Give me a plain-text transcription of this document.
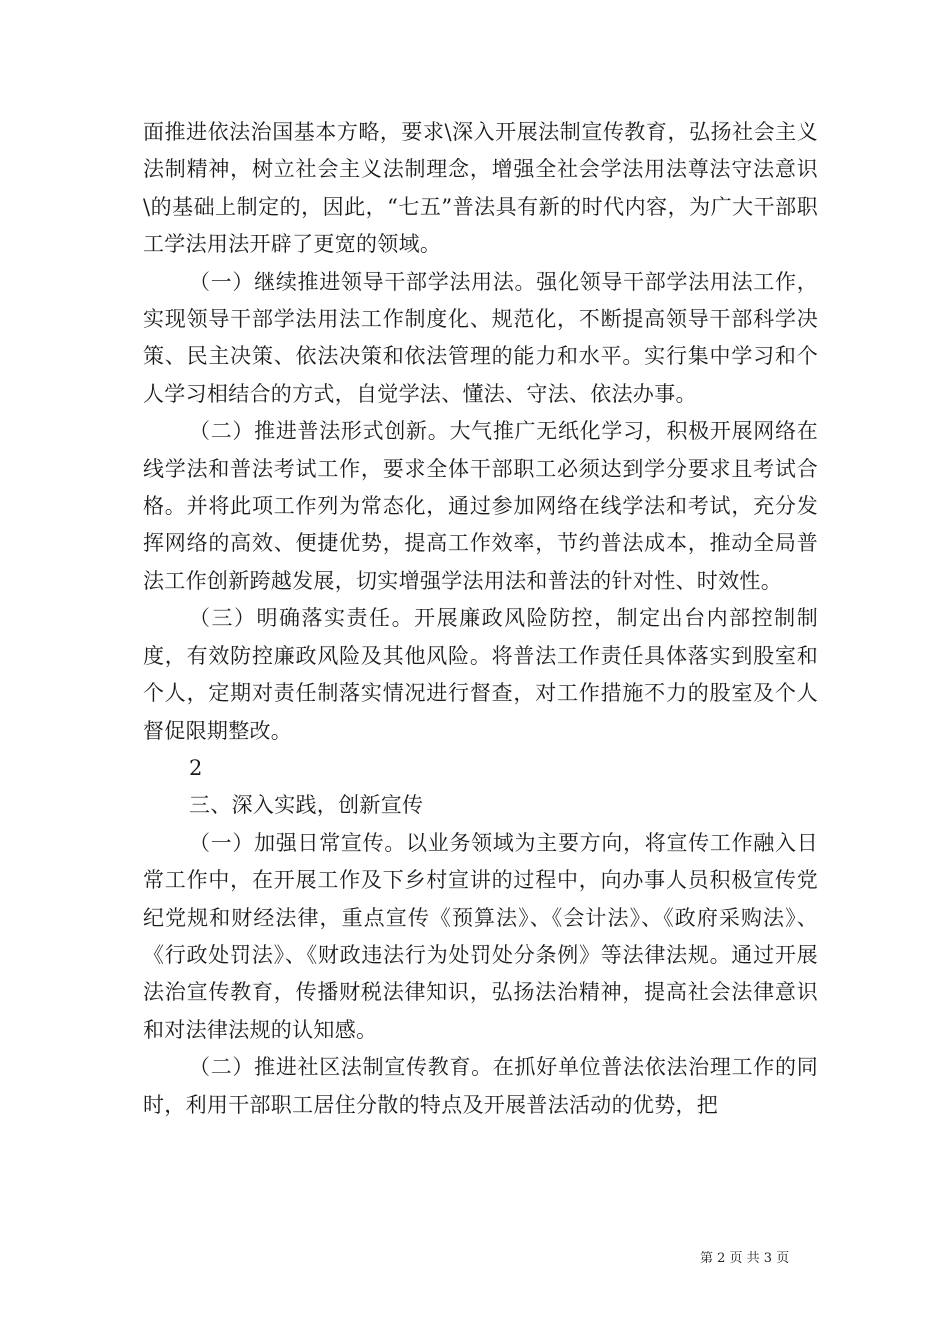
面推进依法治国基本方略，要求\深入开展法制宣传教育，弘扬社会主义法制精神，树立社会主义法制理念，增强全社会学法用法尊法守法意识\的基础上制定的，因此，“七五”普法具有新的时代内容，为广大干部职工学法用法开辟了更宽的领域。

（一）继续推进领导干部学法用法。强化领导干部学法用法工作，实现领导干部学法用法工作制度化、规范化，不断提高领导干部科学决策、民主决策、依法决策和依法管理的能力和水平。实行集中学习和个人学习相结合的方式，自觉学法、懂法、守法、依法办事。

（二）推进普法形式创新。大气推广无纸化学习，积极开展网络在线学法和普法考试工作，要求全体干部职工必须达到学分要求且考试合格。并将此项工作列为常态化，通过参加网络在线学法和考试，充分发挥网络的高效、便捷优势，提高工作效率，节约普法成本，推动全局普法工作创新跨越发展，切实增强学法用法和普法的针对性、时效性。

（三）明确落实责任。开展廉政风险防控，制定出台内部控制制度，有效防控廉政风险及其他风险。将普法工作责任具体落实到股室和个人，定期对责任制落实情况进行督查，对工作措施不力的股室及个人督促限期整改。

2

三、深入实践，创新宣传

（一）加强日常宣传。以业务领域为主要方向，将宣传工作融入日常工作中，在开展工作及下乡村宣讲的过程中，向办事人员积极宣传党纪党规和财经法律，重点宣传《预算法》、《会计法》、《政府采购法》、《行政处罚法》、《财政违法行为处罚处分条例》等法律法规。通过开展法治宣传教育，传播财税法律知识，弘扬法治精神，提高社会法律意识和对法律法规的认知感。

（二）推进社区法制宣传教育。在抓好单位普法依法治理工作的同时，利用干部职工居住分散的特点及开展普法活动的优势，把

第 2 页 共 3 页
